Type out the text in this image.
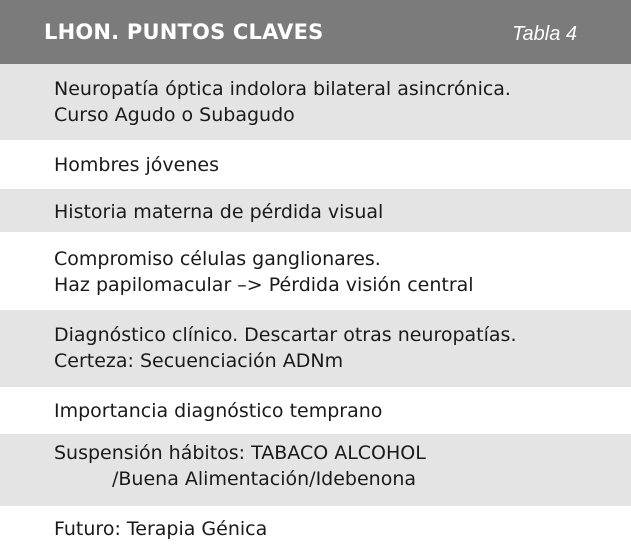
LHON. PUNTOS CLAVES	Tabla 4
Neuropatía óptica indolora bilateral asincrónica.
Curso Agudo o Subagudo
Hombres jóvenes
Historia materna de pérdida visual
Compromiso células ganglionares.
Haz papilomacular –> Pérdida visión central
Diagnóstico clínico. Descartar otras neuropatías.
Certeza: Secuenciación ADNm
Importancia diagnóstico temprano
Suspensión hábitos: TABACO ALCOHOL
/Buena Alimentación/Idebenona
Futuro: Terapia Génica
